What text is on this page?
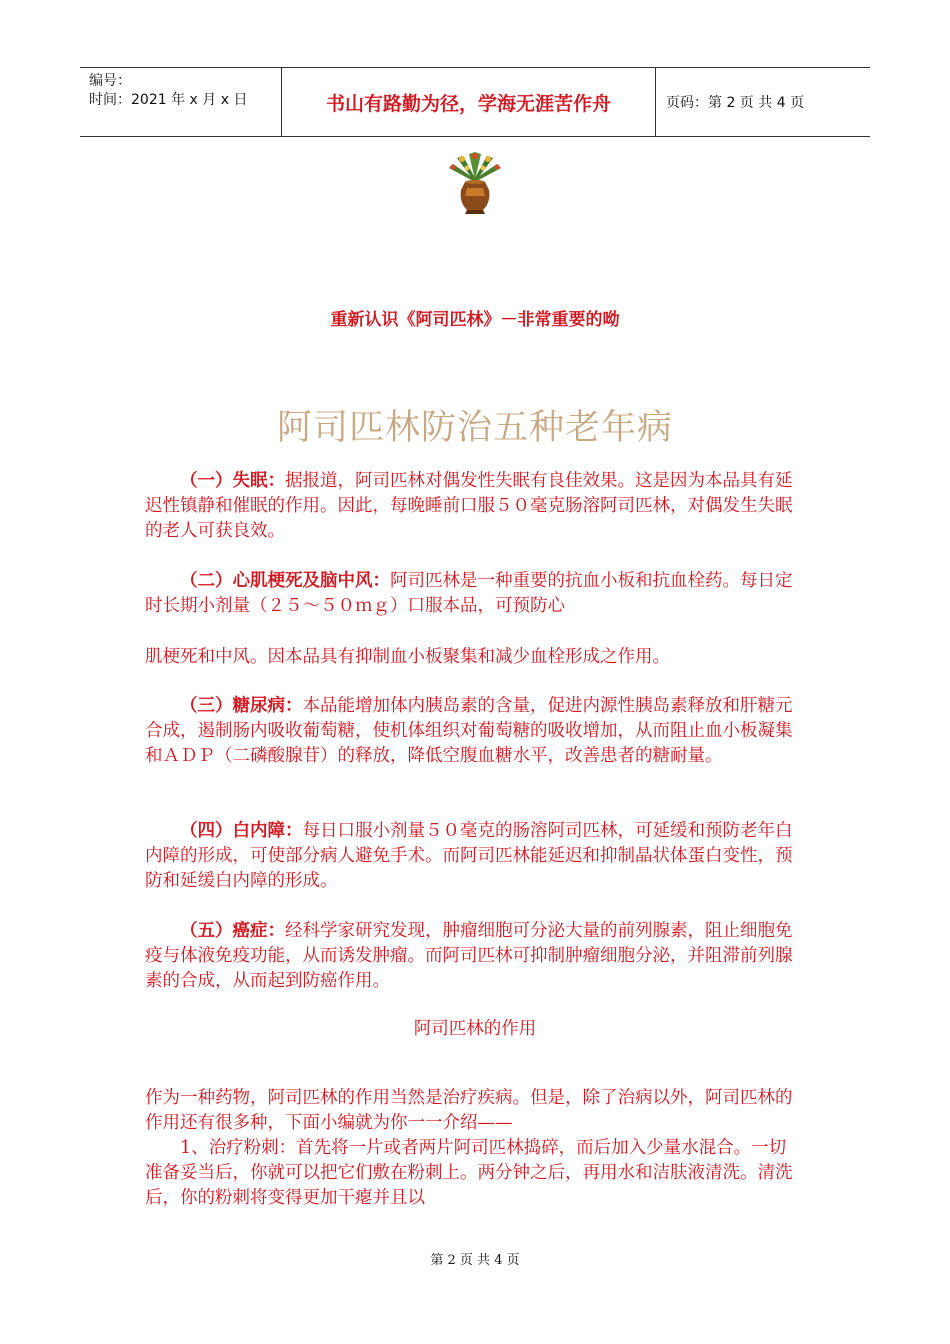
编号：
时间：2021 年 x 月 x 日	书山有路勤为径，学海无涯苦作舟	页码：第 2 页 共 4 页
重新认识《阿司匹林》－非常重要的呦
阿司匹林防治五种老年病
（一）失眠：据报道，阿司匹林对偶发性失眠有良佳效果。这是因为本品具有延迟性镇静和催眠的作用。因此，每晚睡前口服５０毫克肠溶阿司匹林，对偶发生失眠的老人可获良效。
（二）心肌梗死及脑中风：阿司匹林是一种重要的抗血小板和抗血栓药。每日定时长期小剂量（２５～５０ｍｇ）口服本品，可预防心
肌梗死和中风。因本品具有抑制血小板聚集和减少血栓形成之作用。
（三）糖尿病：本品能增加体内胰岛素的含量，促进内源性胰岛素释放和肝糖元合成，遏制肠内吸收葡萄糖，使机体组织对葡萄糖的吸收增加，从而阻止血小板凝集和ＡＤＰ（二磷酸腺苷）的释放，降低空腹血糖水平，改善患者的糖耐量。
（四）白内障：每日口服小剂量５０毫克的肠溶阿司匹林，可延缓和预防老年白内障的形成，可使部分病人避免手术。而阿司匹林能延迟和抑制晶状体蛋白变性，预防和延缓白内障的形成。
（五）癌症：经科学家研究发现，肿瘤细胞可分泌大量的前列腺素，阻止细胞免疫与体液免疫功能，从而诱发肿瘤。而阿司匹林可抑制肿瘤细胞分泌，并阻滞前列腺素的合成，从而起到防癌作用。
阿司匹林的作用
作为一种药物，阿司匹林的作用当然是治疗疾病。但是，除了治病以外，阿司匹林的作用还有很多种，下面小编就为你一一介绍——
1、治疗粉刺：首先将一片或者两片阿司匹林捣碎，而后加入少量水混合。一切准备妥当后，你就可以把它们敷在粉刺上。两分钟之后，再用水和洁肤液清洗。清洗后，你的粉刺将变得更加干瘪并且以
第 2 页 共 4 页
